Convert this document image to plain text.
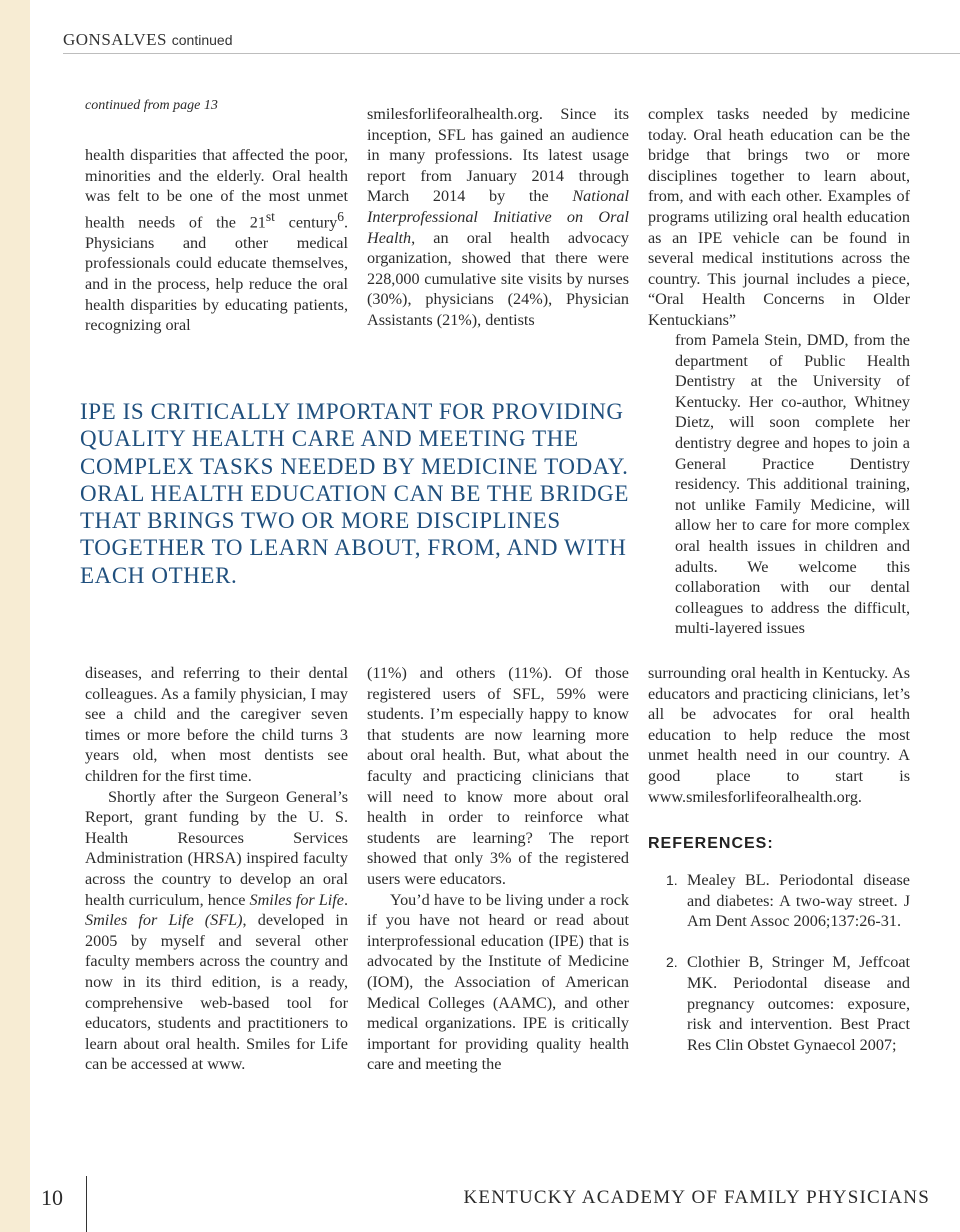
GONSALVES continued
continued from page 13

health disparities that affected the poor, minorities and the elderly. Oral health was felt to be one of the most unmet health needs of the 21st century$^6$. Physicians and other medical professionals could educate themselves, and in the process, help reduce the oral health disparities by educating patients, recognizing oral

smilesforlifeoralhealth.org. Since its inception, SFL has gained an audience in many professions. Its latest usage report from January 2014 through March 2014 by the National Interprofessional Initiative on Oral Health, an oral health advocacy organization, showed that there were 228,000 cumulative site visits by nurses (30%), physicians (24%), Physician Assistants (21%), dentists

IPE IS CRITICALLY IMPORTANT FOR PROVIDING QUALITY HEALTH CARE AND MEETING THE COMPLEX TASKS NEEDED BY MEDICINE TODAY. ORAL HEALTH EDUCATION CAN BE THE BRIDGE THAT BRINGS TWO OR MORE DISCIPLINES TOGETHER TO LEARN ABOUT, FROM, AND WITH EACH OTHER.

complex tasks needed by medicine today. Oral heath education can be the bridge that brings two or more disciplines together to learn about, from, and with each other. Examples of programs utilizing oral health education as an IPE vehicle can be found in several medical institutions across the country. This journal includes a piece, “Oral Health Concerns in Older Kentuckians”

from Pamela Stein, DMD, from the department of Public Health Dentistry at the University of Kentucky. Her co-author, Whitney Dietz, will soon complete her dentistry degree and hopes to join a General Practice Dentistry residency. This additional training, not unlike Family Medicine, will allow her to care for more complex oral health issues in children and adults. We welcome this collaboration with our dental colleagues to address the difficult, multi-layered issues

surrounding oral health in Kentucky. As educators and practicing clinicians, let’s all be advocates for oral health education to help reduce the most unmet health need in our country. A good place to start is www.smilesforlifeoralhealth.org.

diseases, and referring to their dental colleagues. As a family physician, I may see a child and the caregiver seven times or more before the child turns 3 years old, when most dentists see children for the first time.

Shortly after the Surgeon General’s Report, grant funding by the U. S. Health Resources Services Administration (HRSA) inspired faculty across the country to develop an oral health curriculum, hence Smiles for Life. Smiles for Life (SFL), developed in 2005 by myself and several other faculty members across the country and now in its third edition, is a ready, comprehensive web-based tool for educators, students and practitioners to learn about oral health. Smiles for Life can be accessed at www.

(11%) and others (11%). Of those registered users of SFL, 59% were students. I’m especially happy to know that students are now learning more about oral health. But, what about the faculty and practicing clinicians that will need to know more about oral health in order to reinforce what students are learning? The report showed that only 3% of the registered users were educators.

You’d have to be living under a rock if you have not heard or read about interprofessional education (IPE) that is advocated by the Institute of Medicine (IOM), the Association of American Medical Colleges (AAMC), and other medical organizations. IPE is critically important for providing quality health care and meeting the

REFERENCES:
1. Mealey BL. Periodontal disease and diabetes: A two-way street. J Am Dent Assoc 2006;137:26-31.
2. Clothier B, Stringer M, Jeffcoat MK. Periodontal disease and pregnancy outcomes: exposure, risk and intervention. Best Pract Res Clin Obstet Gynaecol 2007;
10	KENTUCKY ACADEMY OF FAMILY PHYSICIANS
